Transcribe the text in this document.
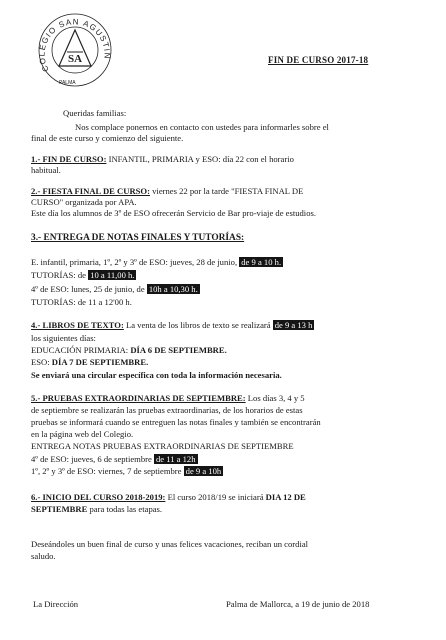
COLEGIO SAN AGUSTIN
SA
PALMA
FIN DE CURSO 2017-18
Queridas familias:
Nos complace ponernos en contacto con ustedes para informarles sobre el
final de este curso y comienzo del siguiente.
1.- FIN DE CURSO: INFANTIL, PRIMARIA y ESO: día 22 con el horario
habitual.
2.- FIESTA FINAL DE CURSO: viernes 22 por la tarde "FIESTA FINAL DE
CURSO" organizada por APA.
Este día los alumnos de 3º de ESO ofrecerán Servicio de Bar pro-viaje de estudios.
3.- ENTREGA DE NOTAS FINALES Y TUTORÍAS:
E. infantil, primaria, 1º, 2º y 3º de ESO: jueves, 28 de junio, de 9 a 10 h.
TUTORÍAS: de 10 a 11,00 h.
4º de ESO: lunes, 25 de junio, de 10h a 10,30 h.
TUTORÍAS: de 11 a 12'00 h.
4.- LIBROS DE TEXTO: La venta de los libros de texto se realizará de 9 a 13 h
los siguientes días:
EDUCACIÓN PRIMARIA: DÍA 6 DE SEPTIEMBRE.
ESO: DÍA 7 DE SEPTIEMBRE.
Se enviará una circular específica con toda la información necesaria.
5.- PRUEBAS EXTRAORDINARIAS DE SEPTIEMBRE: Los días 3, 4 y 5
de septiembre se realizarán las pruebas extraordinarias, de los horarios de estas
pruebas se informará cuando se entreguen las notas finales y también se encontrarán
en la página web del Colegio.
ENTREGA NOTAS PRUEBAS EXTRAORDINARIAS DE SEPTIEMBRE
4º de ESO: jueves, 6 de septiembre de 11 a 12h
1º, 2º y 3º de ESO: viernes, 7 de septiembre de 9 a 10h
6.- INICIO DEL CURSO 2018-2019: El curso 2018/19 se iniciará DIA 12 DE
SEPTIEMBRE para todas las etapas.
Deseándoles un buen final de curso y unas felices vacaciones, reciban un cordial
saludo.
La Dirección	Palma de Mallorca, a 19 de junio de 2018
